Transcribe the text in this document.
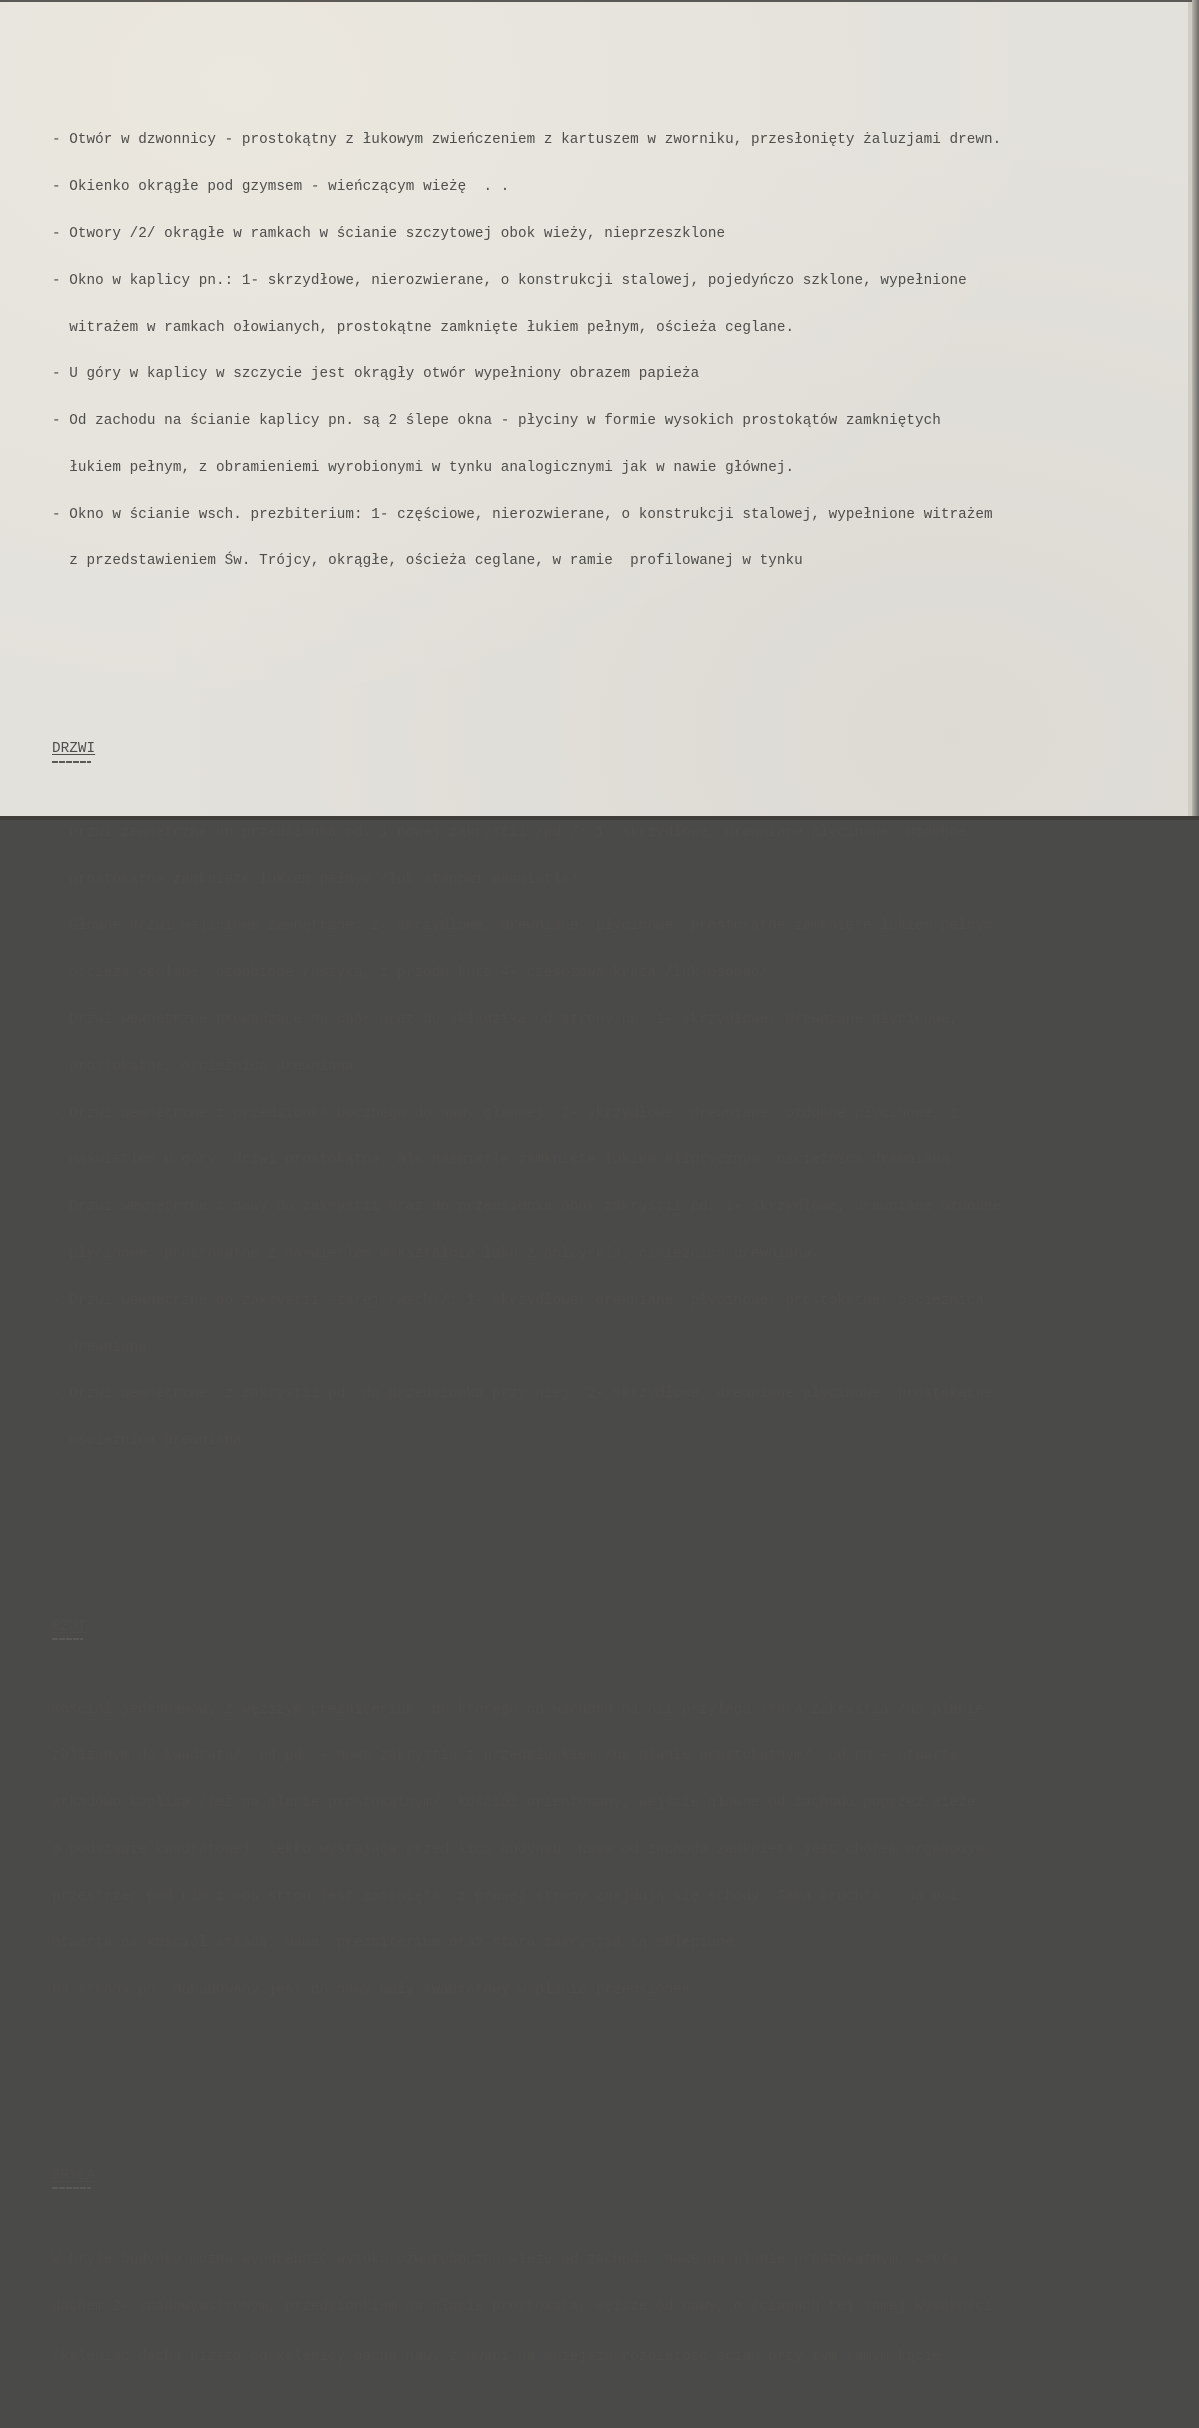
- Otwór w dzwonnicy - prostokątny z łukowym zwieńczeniem z kartuszem w zworniku, przesłonięty żaluzjami drewn.

- Okienko okrągłe pod gzymsem - wieńczącym wieżę  . .

- Otwory /2/ okrągłe w ramkach w ścianie szczytowej obok wieży, nieprzeszklone

- Okno w kaplicy pn.: 1- skrzydłowe, nierozwierane, o konstrukcji stalowej, pojedyńczo szklone, wypełnione

witrażem w ramkach ołowianych, prostokątne zamknięte łukiem pełnym, ościeża ceglane.

- U góry w kaplicy w szczycie jest okrągły otwór wypełniony obrazem papieża

- Od zachodu na ścianie kaplicy pn. są 2 ślepe okna - płyciny w formie wysokich prostokątów zamkniętych

łukiem pełnym, z obramieniemi wyrobionymi w tynku analogicznymi jak w nawie głównej.

- Okno w ścianie wsch. prezbiterium: 1- częściowe, nierozwierane, o konstrukcji stalowej, wypełnione witrażem

z przedstawieniem Św. Trójcy, okrągłe, ościeża ceglane, w ramie  profilowanej w tynku

DRZWI

- Drzwi zewnętrzne do przedsionka pd. i nowej zakrystii /pd./: 1- skrzydłowe, drewniane płycinowe, ozdobne,

prostokątne zamknięte łukiem pełnym /łuk stanowi naświetle/.

- Główne drzwi wejściowe zewnętrzne: 2- skrzydłowe, drewniane, płycinowe, prostokątne zamknięte łukiem pełnym

ościeża ceglane, ozdobione rustyką, z przodu kuta 4- częściowa krata /łuk osobno/

- Drzwi wewnętrzne prowadzące na chór oraz do składzika od strony pn: 1- skrzydłowe, drewniane płycinowe,

prostokątne, ościeżnica drewniana

- Drzwi wewnętrzne z przedsionka bocznego do nawy głównej: 2- skrzydłowe, drewniane, ozdobne płycinowe, z

naświetlem u góry, drzwi prostokątne, ale naświetle zamknięte łukiem eliptycznym, ościeżnica drewniana.

- Drzwi wewnętrzne z nawy do zakrystii oraz do przedsionka obok zakrystii pd: 1- skrzydłowe, drewniane ozdobne

płycinowe, prostokątne z naświetlem w kształcie łuku z półcyrkla, ościeżnica drewniana.

- Drzwi wewnętrzne do zakrystii starej /wsch./: 1- skrzydłowe, drewniane, płycinowe, prostokątne, ościeżnica

drewniana

- Drzwi wewnętrzne  z zakrystii pd. do przedsionka przy niej: 2- skrzydłowe, drewniane płycinowe, prostokątne,

ościeżnica drewniana.

RZUT

Kościół jednonawowy z węższym prezbiterium, do którego od wschodu na osi przylega stara zakrystia /na planie

zbliżonym do kwadratu/, od pd. - nowa zakrystia z przedsionkiem /na planie prostokątnym/, od pn.- otwarta

arkadowo kaplica /też na planie prostokątnym/. Kościół orientowany, wejście główne od zachodu poprzez wieżę

o podstawie kwadratowej, lekko wystająca przed lico budynku. Nawa od zachodu zamknięta jest chórem organowym,

przestrzeń pod nim z obu stron jest zamknięta, z prawej strony znajdują się schody. Sama kruchta - na osi

otwarta na kościół arkadą. Nawa, prezbiterium oraz stara zakrystia są sklepione.

Od strony pd. dobudowany jest do nawy mały kwadratowy w planie przedsionek.

BRYŁA

W bryle budynku można wyodrębnić wysoką czworoboczną wieżę od zachodu, nawę na planie prostokątnym, krytą

dachem 2- spadowymstromym, przedsionkiem na planie prostokąta, węższe od nawy, o ścianach tej samej wysokości

/kaleniac dachu niższa od kalenicy dachu nawy z uwagi na mniejszą rozpiętość ścian przy tym samym kącie
